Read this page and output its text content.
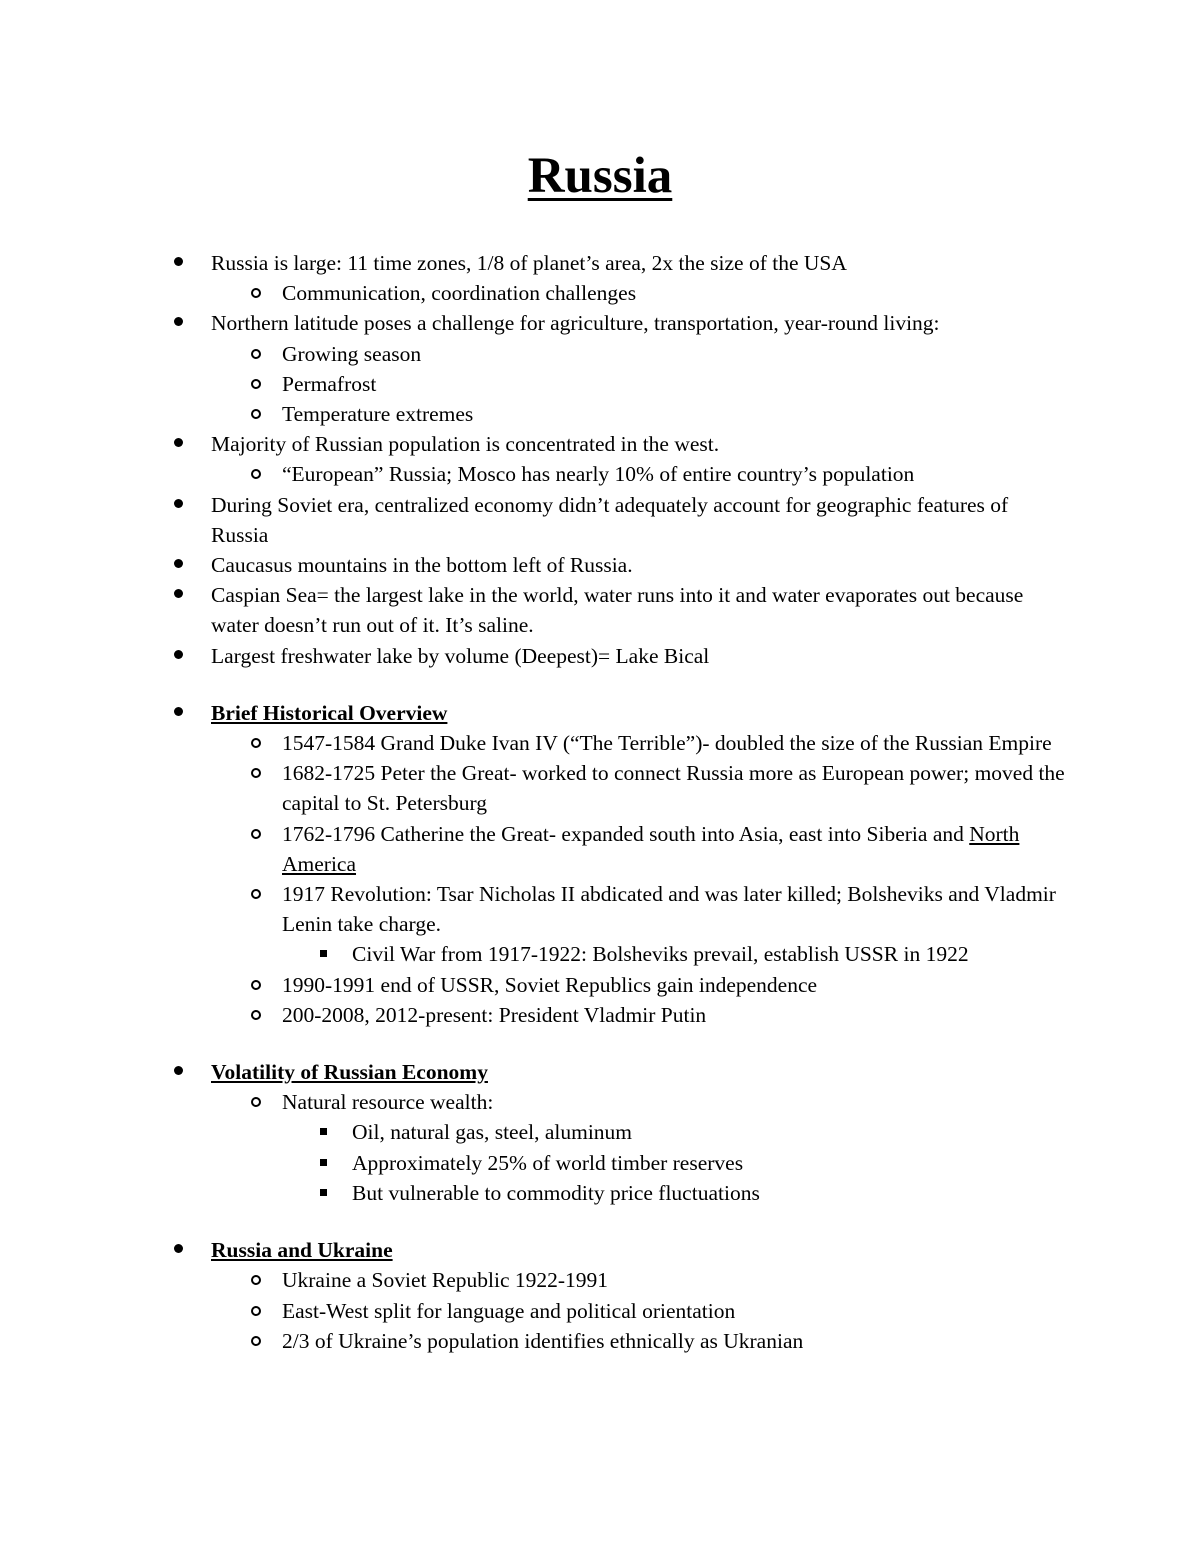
Russia
Russia is large: 11 time zones, 1/8 of planet’s area, 2x the size of the USA
Communication, coordination challenges
Northern latitude poses a challenge for agriculture, transportation, year-round living:
Growing season
Permafrost
Temperature extremes
Majority of Russian population is concentrated in the west.
“European” Russia; Mosco has nearly 10% of entire country’s population
During Soviet era, centralized economy didn’t adequately account for geographic features of Russia
Caucasus mountains in the bottom left of Russia.
Caspian Sea= the largest lake in the world, water runs into it and water evaporates out because water doesn’t run out of it. It’s saline.
Largest freshwater lake by volume (Deepest)= Lake Bical
Brief Historical Overview
1547-1584 Grand Duke Ivan IV (“The Terrible”)- doubled the size of the Russian Empire
1682-1725 Peter the Great- worked to connect Russia more as European power; moved the capital to St. Petersburg
1762-1796 Catherine the Great- expanded south into Asia, east into Siberia and North America
1917 Revolution: Tsar Nicholas II abdicated and was later killed; Bolsheviks and Vladmir Lenin take charge.
Civil War from 1917-1922: Bolsheviks prevail, establish USSR in 1922
1990-1991 end of USSR, Soviet Republics gain independence
200-2008, 2012-present: President Vladmir Putin
Volatility of Russian Economy
Natural resource wealth:
Oil, natural gas, steel, aluminum
Approximately 25% of world timber reserves
But vulnerable to commodity price fluctuations
Russia and Ukraine
Ukraine a Soviet Republic 1922-1991
East-West split for language and political orientation
2/3 of Ukraine’s population identifies ethnically as Ukranian
